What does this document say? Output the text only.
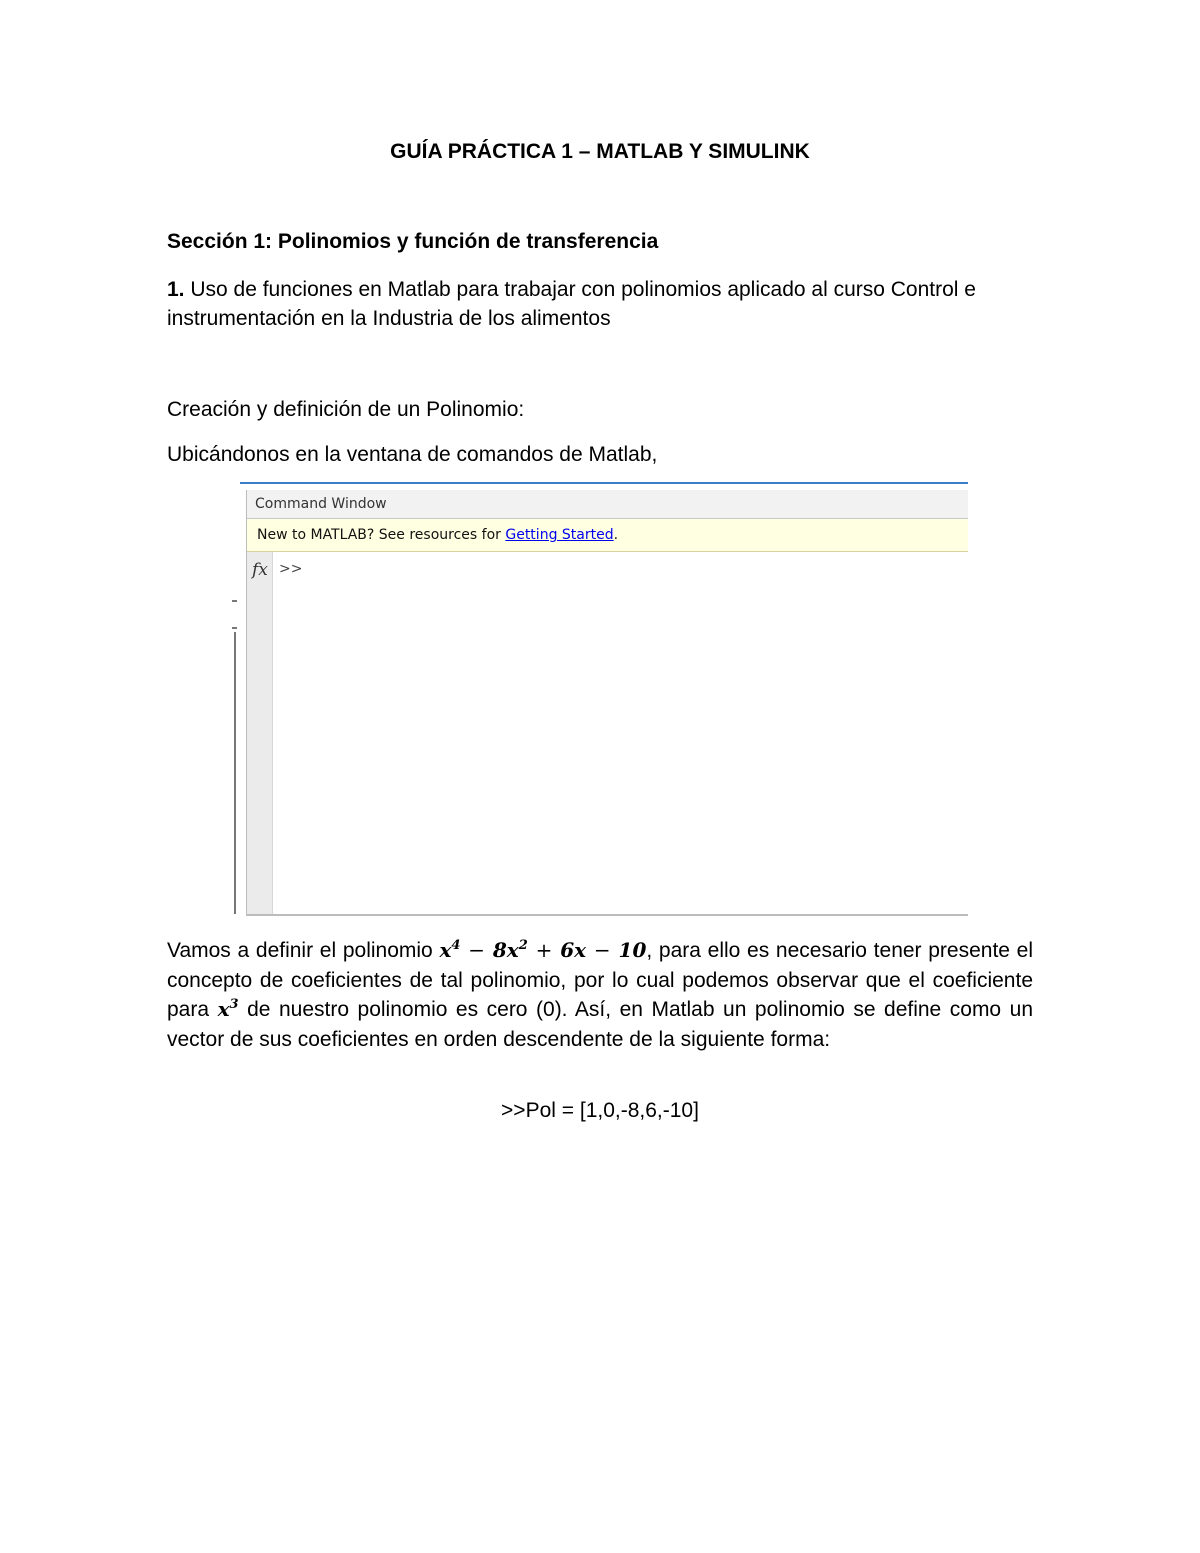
GUÍA PRÁCTICA 1 – MATLAB Y SIMULINK
Sección 1: Polinomios y función de transferencia
1. Uso de funciones en Matlab para trabajar con polinomios aplicado al curso Control e instrumentación en la Industria de los alimentos
Creación y definición de un Polinomio:
Ubicándonos en la ventana de comandos de Matlab,
Command Window
New to MATLAB? See resources for Getting Started.
fx >>
Vamos a definir el polinomio $x^4 - 8x^2 + 6x - 10$, para ello es necesario tener presente el concepto de coeficientes de tal polinomio, por lo cual podemos observar que el coeficiente para $x^3$ de nuestro polinomio es cero (0). Así, en Matlab un polinomio se define como un vector de sus coeficientes en orden descendente de la siguiente forma:
>>Pol = [1,0,-8,6,-10]
